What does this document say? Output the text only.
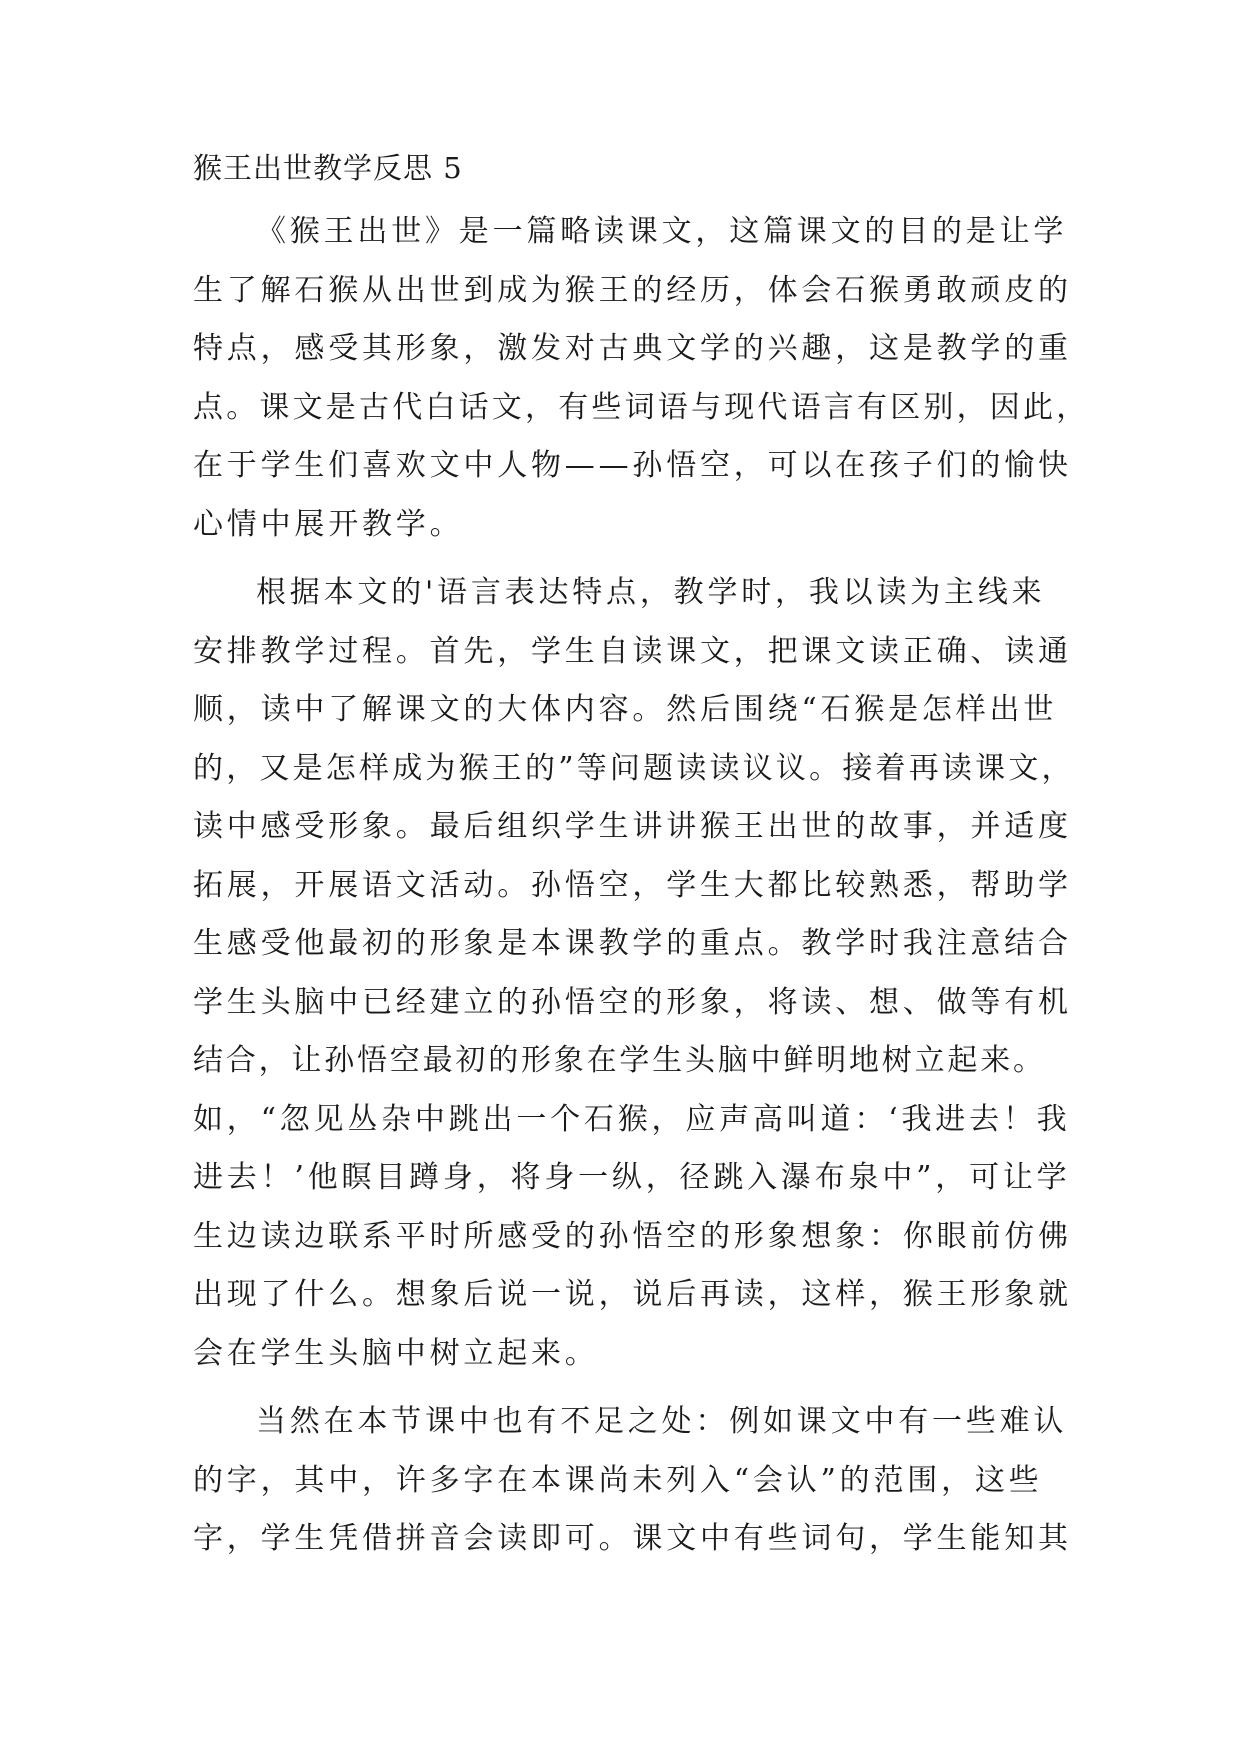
猴王出世教学反思 5
《猴王出世》是一篇略读课文，这篇课文的目的是让学
生了解石猴从出世到成为猴王的经历，体会石猴勇敢顽皮的
特点，感受其形象，激发对古典文学的兴趣，这是教学的重
点。课文是古代白话文，有些词语与现代语言有区别，因此，
在于学生们喜欢文中人物——孙悟空，可以在孩子们的愉快
心情中展开教学。
根据本文的'语言表达特点，教学时，我以读为主线来
安排教学过程。首先，学生自读课文，把课文读正确、读通
顺，读中了解课文的大体内容。然后围绕“石猴是怎样出世
的，又是怎样成为猴王的”等问题读读议议。接着再读课文，
读中感受形象。最后组织学生讲讲猴王出世的故事，并适度
拓展，开展语文活动。孙悟空，学生大都比较熟悉，帮助学
生感受他最初的形象是本课教学的重点。教学时我注意结合
学生头脑中已经建立的孙悟空的形象，将读、想、做等有机
结合，让孙悟空最初的形象在学生头脑中鲜明地树立起来。
如，“忽见丛杂中跳出一个石猴，应声高叫道：‘我进去！我
进去！’他瞑目蹲身，将身一纵，径跳入瀑布泉中”，可让学
生边读边联系平时所感受的孙悟空的形象想象：你眼前仿佛
出现了什么。想象后说一说，说后再读，这样，猴王形象就
会在学生头脑中树立起来。
当然在本节课中也有不足之处：例如课文中有一些难认
的字，其中，许多字在本课尚未列入“会认”的范围，这些
字，学生凭借拼音会读即可。课文中有些词句，学生能知其
